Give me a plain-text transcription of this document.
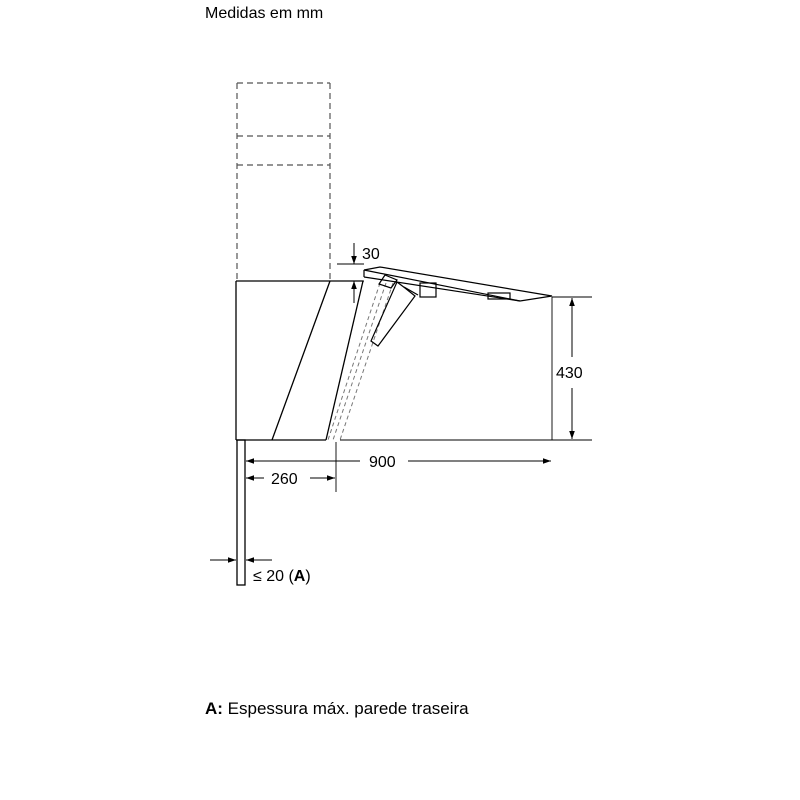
Medidas em mm
30
430
900
260
≤ 20 (A)
A: Espessura máx. parede traseira
